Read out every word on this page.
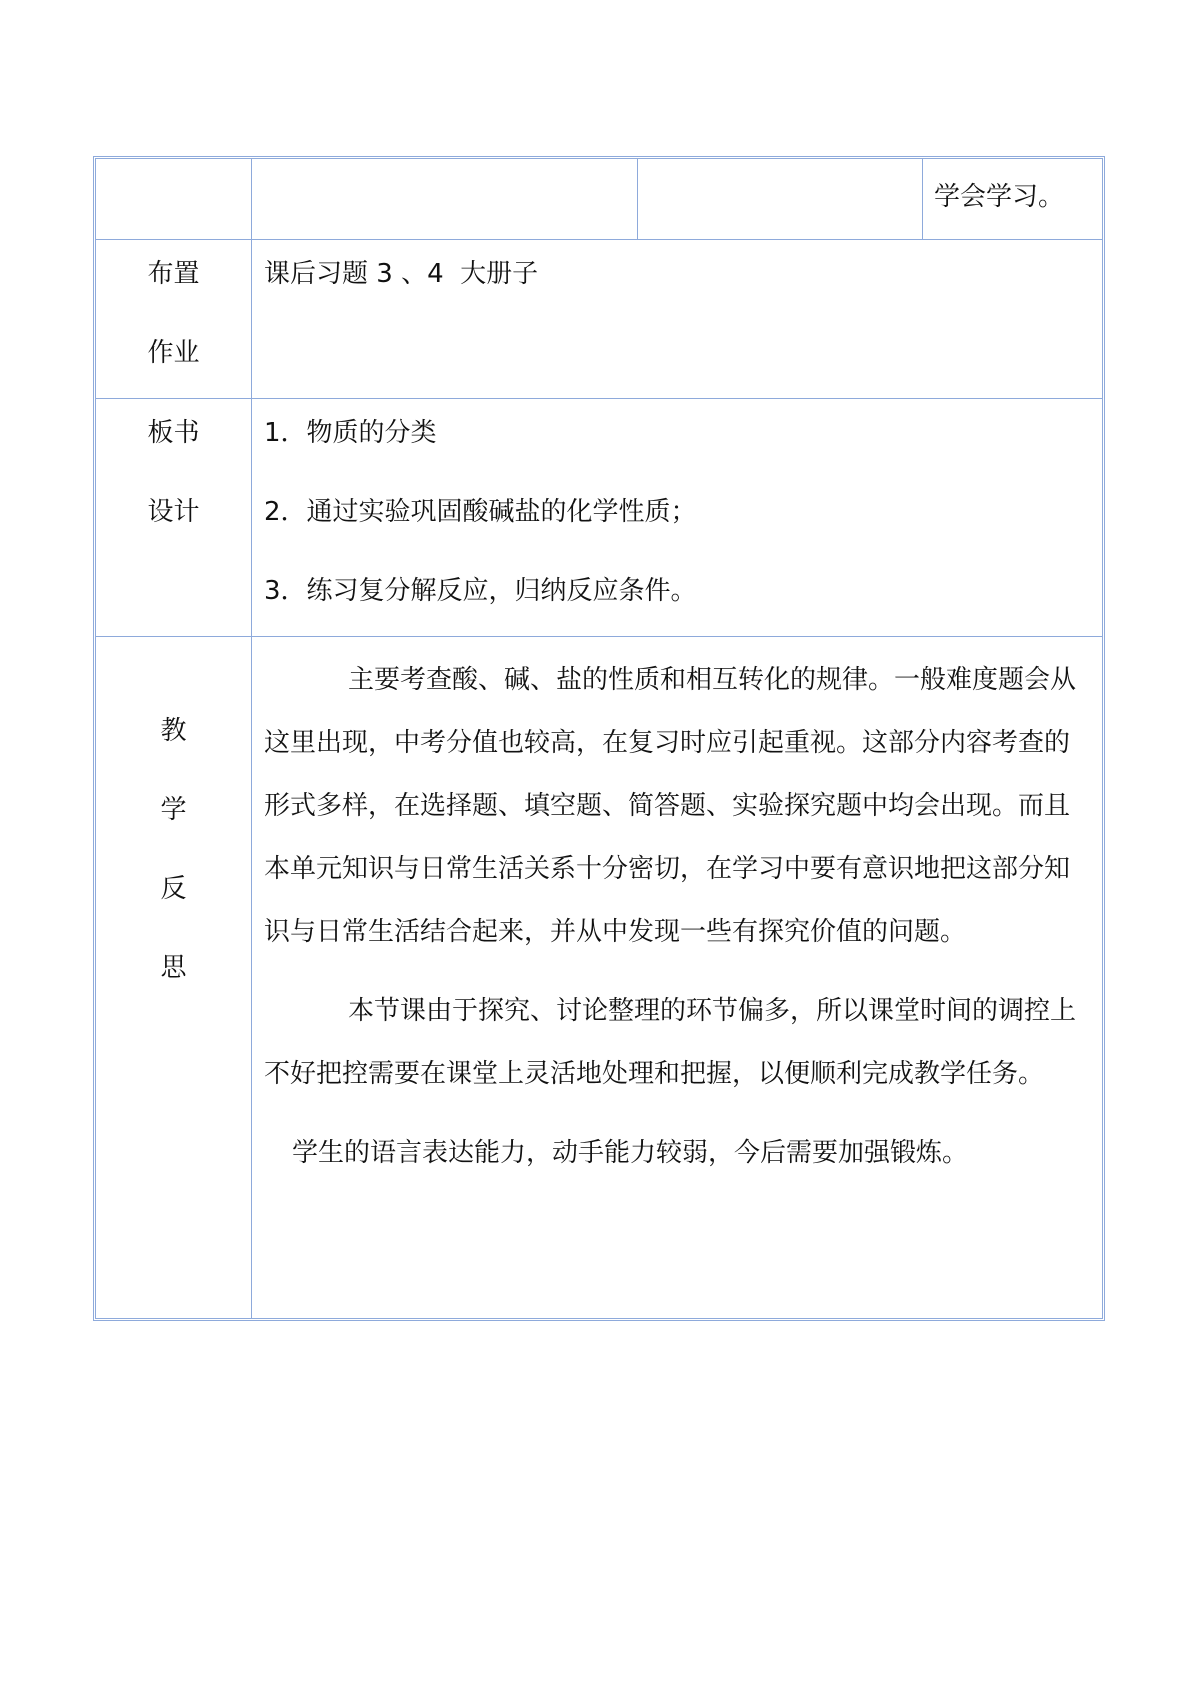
学会学习。
布置
作业
课后习题 3 、4  大册子
板书
设计
1．物质的分类
2．通过实验巩固酸碱盐的化学性质；
3．练习复分解反应，归纳反应条件。
教
学
反
思

主要考查酸、碱、盐的性质和相互转化的规律。一般难度题会从这里出现，中考分值也较高，在复习时应引起重视。这部分内容考查的形式多样，在选择题、填空题、简答题、实验探究题中均会出现。而且本单元知识与日常生活关系十分密切，在学习中要有意识地把这部分知识与日常生活结合起来，并从中发现一些有探究价值的问题。

本节课由于探究、讨论整理的环节偏多，所以课堂时间的调控上不好把控需要在课堂上灵活地处理和把握，以便顺利完成教学任务。

学生的语言表达能力，动手能力较弱，今后需要加强锻炼。
